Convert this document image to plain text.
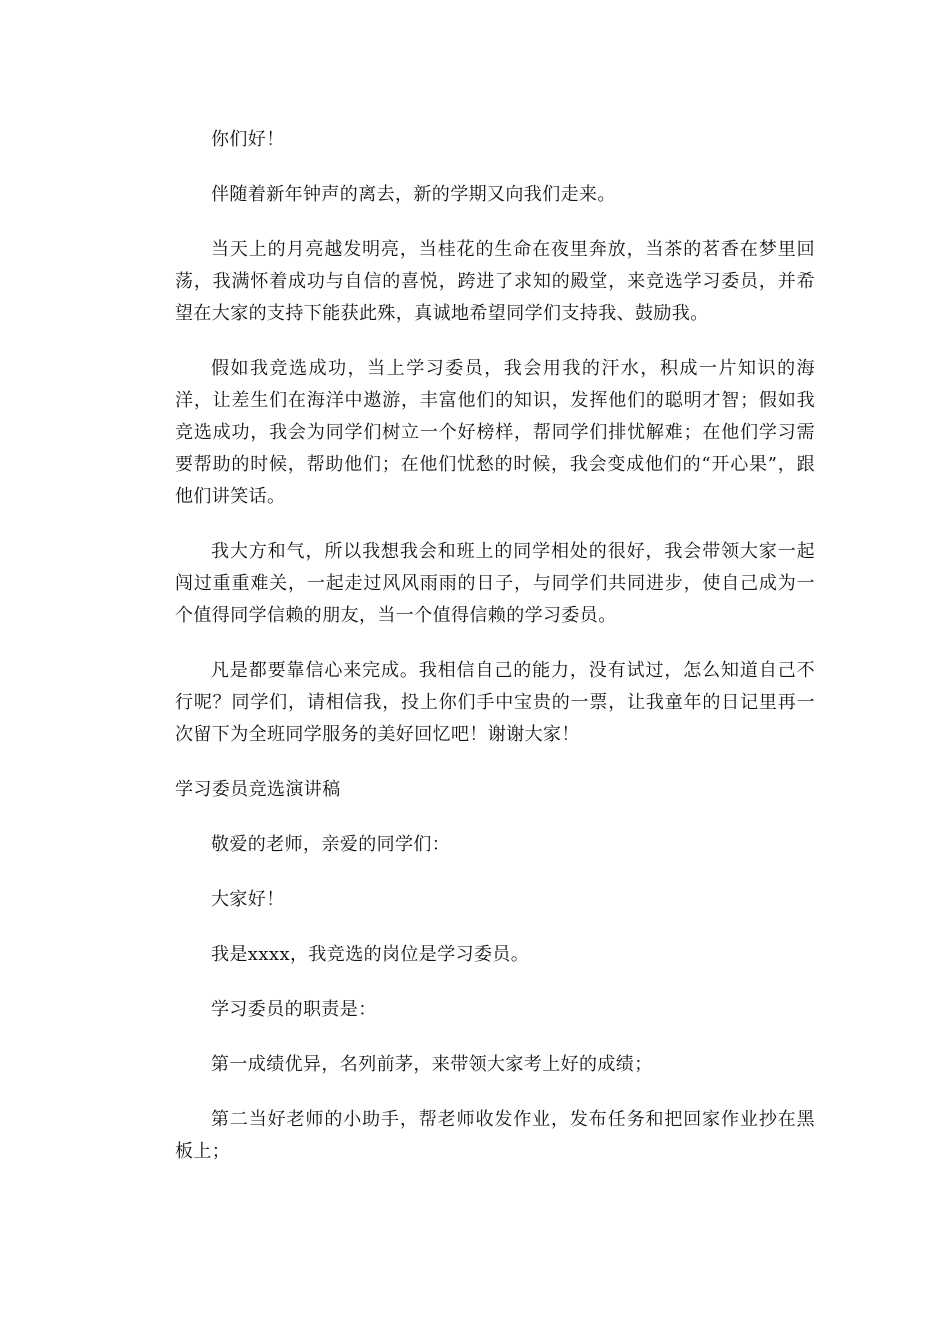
你们好！

伴随着新年钟声的离去，新的学期又向我们走来。

当天上的月亮越发明亮，当桂花的生命在夜里奔放，当茶的茗香在梦里回荡，我满怀着成功与自信的喜悦，跨进了求知的殿堂，来竞选学习委员，并希望在大家的支持下能获此殊，真诚地希望同学们支持我、鼓励我。

假如我竞选成功，当上学习委员，我会用我的汗水，积成一片知识的海洋，让差生们在海洋中遨游，丰富他们的知识，发挥他们的聪明才智；假如我竞选成功，我会为同学们树立一个好榜样，帮同学们排忧解难；在他们学习需要帮助的时候，帮助他们；在他们忧愁的时候，我会变成他们的“开心果”，跟他们讲笑话。

我大方和气，所以我想我会和班上的同学相处的很好，我会带领大家一起闯过重重难关，一起走过风风雨雨的日子，与同学们共同进步，使自己成为一个值得同学信赖的朋友，当一个值得信赖的学习委员。

凡是都要靠信心来完成。我相信自己的能力，没有试过，怎么知道自己不行呢？同学们，请相信我，投上你们手中宝贵的一票，让我童年的日记里再一次留下为全班同学服务的美好回忆吧！谢谢大家！

学习委员竞选演讲稿

敬爱的老师，亲爱的同学们：

大家好！

我是xxxx，我竞选的岗位是学习委员。

学习委员的职责是：

第一成绩优异，名列前茅，来带领大家考上好的成绩；

第二当好老师的小助手，帮老师收发作业，发布任务和把回家作业抄在黑板上；
